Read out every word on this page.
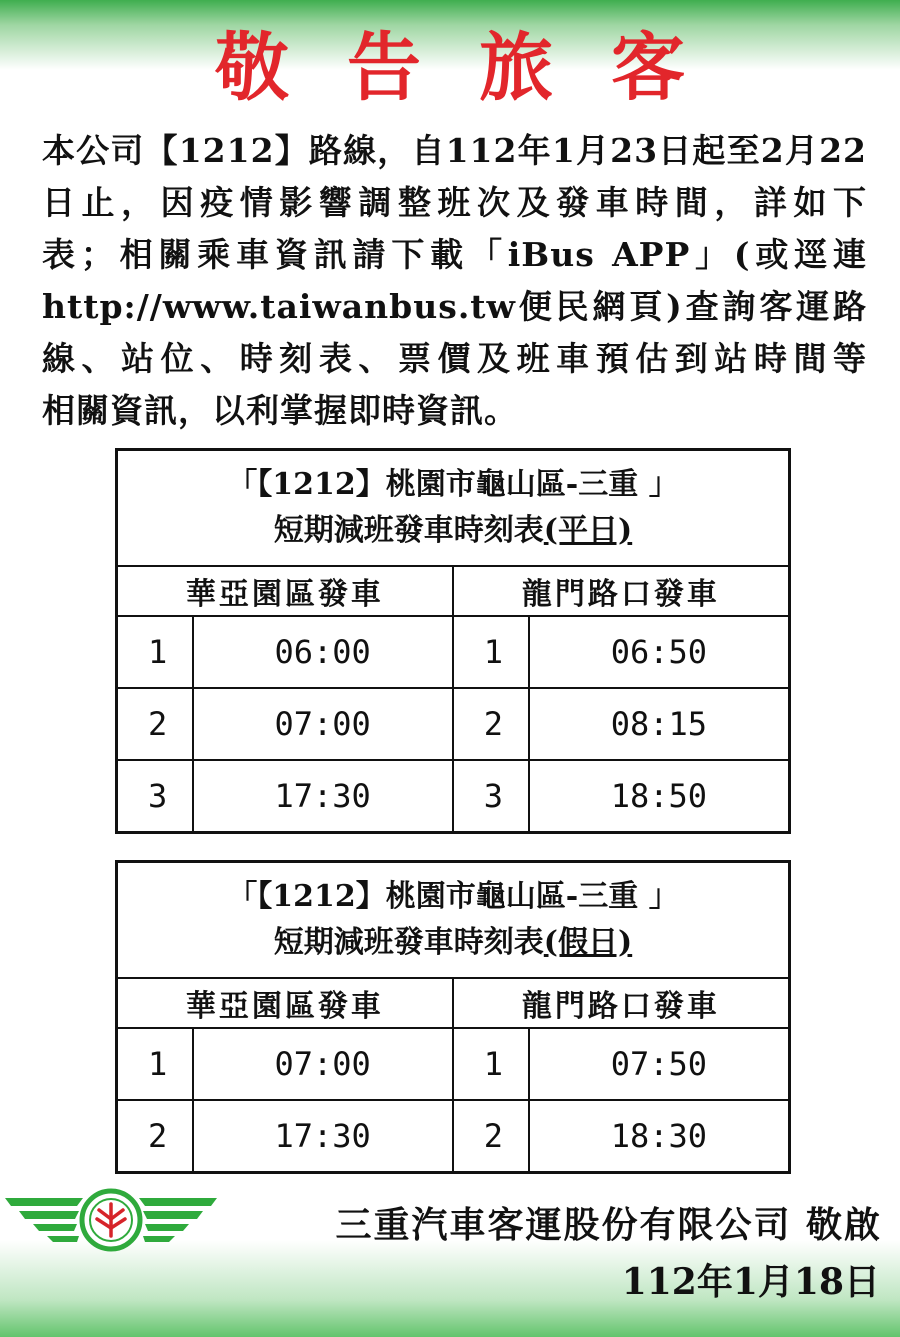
敬告旅客
本公司【1212】路線，自112年1月23日起至2月22
日止，因疫情影響調整班次及發車時間，詳如下
表；相關乘車資訊請下載「iBus APP」(或逕連
http://www.taiwanbus.tw便民網頁)查詢客運路
線、站位、時刻表、票價及班車預估到站時間等
相關資訊，以利掌握即時資訊。
「【1212】桃園市龜山區-三重 」
短期減班發車時刻表(平日)			

華亞園區發車		龍門路口發車	
1	06:00	1	06:50
2	07:00	2	08:15
3	17:30	3	18:50
「【1212】桃園市龜山區-三重 」
短期減班發車時刻表(假日)			

華亞園區發車		龍門路口發車	
1	07:00	1	07:50
2	17:30	2	18:30
三重汽車客運股份有限公司 敬啟
112年1月18日
